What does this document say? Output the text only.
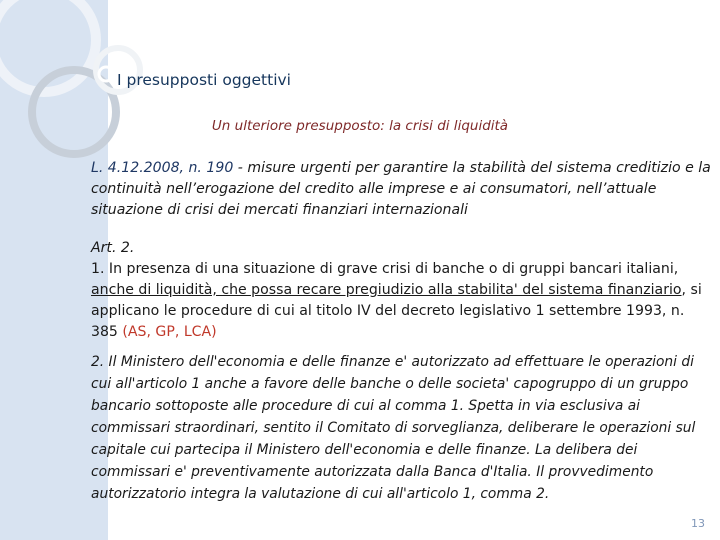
I presupposti oggettivi
Un ulteriore presupposto: la crisi di liquidità

L. 4.12.2008, n. 190 - misure urgenti per garantire la stabilità del sistema creditizio e la continuità nell’erogazione del credito alle imprese e ai consumatori, nell’attuale situazione di crisi dei mercati finanziari internazionali

Art. 2.
1. In presenza di una situazione di grave crisi di banche o di gruppi bancari italiani, anche di liquidità, che possa recare pregiudizio alla stabilita' del sistema finanziario, si applicano le procedure di cui al titolo IV del decreto legislativo 1 settembre 1993, n. 385 (AS, GP, LCA)

2. Il Ministero dell'economia e delle finanze e' autorizzato ad effettuare le operazioni di cui all'articolo 1 anche a favore delle banche o delle societa' capogruppo di un gruppo bancario sottoposte alle procedure di cui al comma 1. Spetta in via esclusiva ai commissari straordinari, sentito il Comitato di sorveglianza, deliberare le operazioni sul capitale cui partecipa il Ministero dell'economia e delle finanze. La delibera dei commissari e' preventivamente autorizzata dalla Banca d'Italia. Il provvedimento autorizzatorio integra la valutazione di cui all'articolo 1, comma 2.

13
